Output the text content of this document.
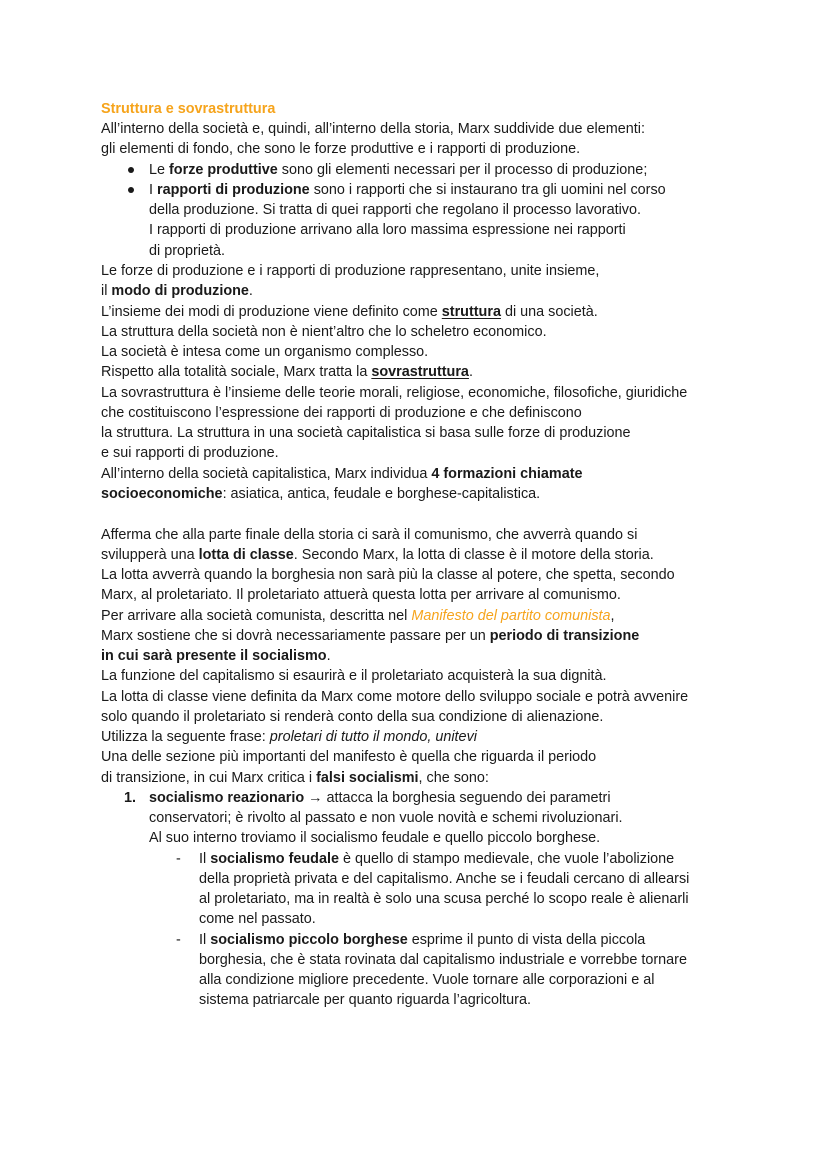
Struttura e sovrastruttura
All’interno della società e, quindi, all’interno della storia, Marx suddivide due elementi:
gli elementi di fondo, che sono le forze produttive e i rapporti di produzione.
Le forze produttive sono gli elementi necessari per il processo di produzione;
I rapporti di produzione sono i rapporti che si instaurano tra gli uomini nel corso
della produzione. Si tratta di quei rapporti che regolano il processo lavorativo.
I rapporti di produzione arrivano alla loro massima espressione nei rapporti
di proprietà.
Le forze di produzione e i rapporti di produzione rappresentano, unite insieme,
il modo di produzione.
L’insieme dei modi di produzione viene definito come struttura di una società.
La struttura della società non è nient’altro che lo scheletro economico.
La società è intesa come un organismo complesso.
Rispetto alla totalità sociale, Marx tratta la sovrastruttura.
La sovrastruttura è l’insieme delle teorie morali, religiose, economiche, filosofiche, giuridiche
che costituiscono l’espressione dei rapporti di produzione e che definiscono
la struttura. La struttura in una società capitalistica si basa sulle forze di produzione
e sui rapporti di produzione.
All’interno della società capitalistica, Marx individua 4 formazioni chiamate
socioeconomiche: asiatica, antica, feudale e borghese-capitalistica.
Afferma che alla parte finale della storia ci sarà il comunismo, che avverrà quando si
svilupperà una lotta di classe. Secondo Marx, la lotta di classe è il motore della storia.
La lotta avverrà quando la borghesia non sarà più la classe al potere, che spetta, secondo
Marx, al proletariato. Il proletariato attuerà questa lotta per arrivare al comunismo.
Per arrivare alla società comunista, descritta nel Manifesto del partito comunista,
Marx sostiene che si dovrà necessariamente passare per un periodo di transizione
in cui sarà presente il socialismo.
La funzione del capitalismo si esaurirà e il proletariato acquisterà la sua dignità.
La lotta di classe viene definita da Marx come motore dello sviluppo sociale e potrà avvenire
solo quando il proletariato si renderà conto della sua condizione di alienazione.
Utilizza la seguente frase: proletari di tutto il mondo, unitevi
Una delle sezione più importanti del manifesto è quella che riguarda il periodo
di transizione, in cui Marx critica i falsi socialismi, che sono:
1. socialismo reazionario → attacca la borghesia seguendo dei parametri
conservatori; è rivolto al passato e non vuole novità e schemi rivoluzionari.
Al suo interno troviamo il socialismo feudale e quello piccolo borghese.
- Il socialismo feudale è quello di stampo medievale, che vuole l’abolizione
della proprietà privata e del capitalismo. Anche se i feudali cercano di allearsi
al proletariato, ma in realtà è solo una scusa perché lo scopo reale è alienarli
come nel passato.
- Il socialismo piccolo borghese esprime il punto di vista della piccola
borghesia, che è stata rovinata dal capitalismo industriale e vorrebbe tornare
alla condizione migliore precedente. Vuole tornare alle corporazioni e al
sistema patriarcale per quanto riguarda l’agricoltura.
